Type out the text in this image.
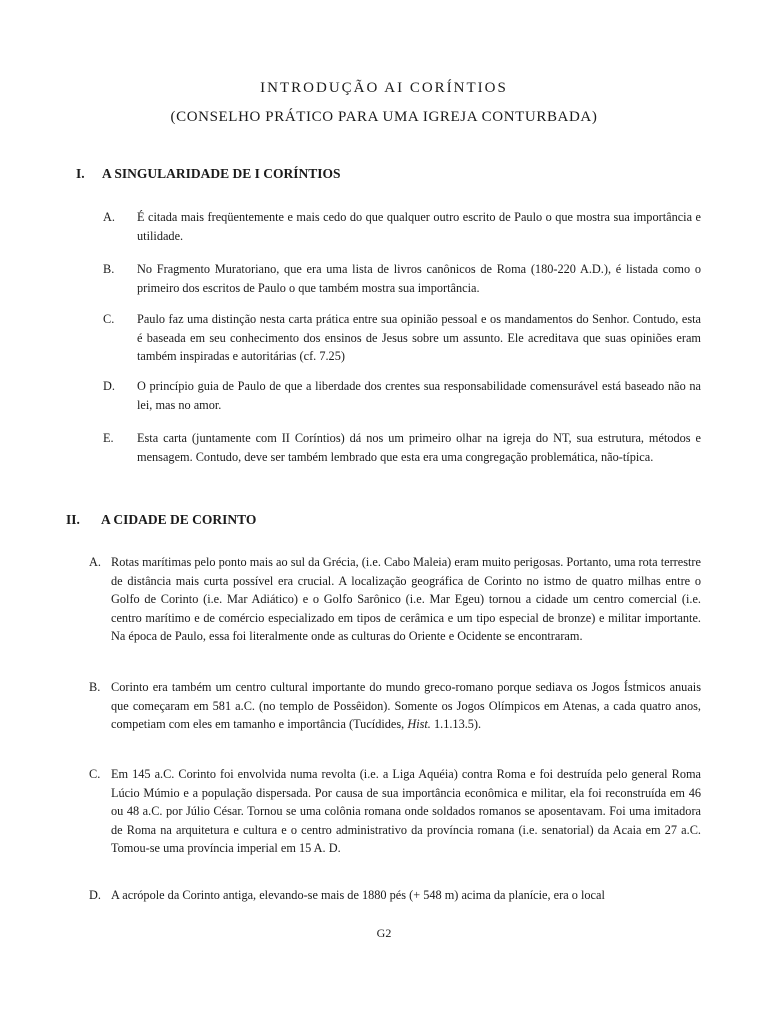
INTRODUÇÃO AI CORÍNTIOS
(CONSELHO PRÁTICO PARA UMA IGREJA CONTURBADA)
I. A SINGULARIDADE DE I CORÍNTIOS
A. É citada mais freqüentemente e mais cedo do que qualquer outro escrito de Paulo o que mostra sua importância e utilidade.
B. No Fragmento Muratoriano, que era uma lista de livros canônicos de Roma (180-220 A.D.), é listada como o primeiro dos escritos de Paulo o que também mostra sua importância.
C. Paulo faz uma distinção nesta carta prática entre sua opinião pessoal e os mandamentos do Senhor. Contudo, esta é baseada em seu conhecimento dos ensinos de Jesus sobre um assunto. Ele acreditava que suas opiniões eram também inspiradas e autoritárias (cf. 7.25)
D. O princípio guia de Paulo de que a liberdade dos crentes sua responsabilidade comensurável está baseado não na lei, mas no amor.
E. Esta carta (juntamente com II Coríntios) dá nos um primeiro olhar na igreja do NT, sua estrutura, métodos e mensagem. Contudo, deve ser também lembrado que esta era uma congregação problemática, não-típica.
II. A CIDADE DE CORINTO
A. Rotas marítimas pelo ponto mais ao sul da Grécia, (i.e. Cabo Maleia) eram muito perigosas. Portanto, uma rota terrestre de distância mais curta possível era crucial. A localização geográfica de Corinto no istmo de quatro milhas entre o Golfo de Corinto (i.e. Mar Adiático) e o Golfo Sarônico (i.e. Mar Egeu) tornou a cidade um centro comercial (i.e. centro marítimo e de comércio especializado em tipos de cerâmica e um tipo especial de bronze) e militar importante. Na época de Paulo, essa foi literalmente onde as culturas do Oriente e Ocidente se encontraram.
B. Corinto era também um centro cultural importante do mundo greco-romano porque sediava os Jogos Ístmicos anuais que começaram em 581 a.C. (no templo de Possêidon). Somente os Jogos Olímpicos em Atenas, a cada quatro anos, competiam com eles em tamanho e importância (Tucídides, Hist. 1.1.13.5).
C. Em 145 a.C. Corinto foi envolvida numa revolta (i.e. a Liga Aquéia) contra Roma e foi destruída pelo general Roma Lúcio Múmio e a população dispersada. Por causa de sua importância econômica e militar, ela foi reconstruída em 46 ou 48 a.C. por Júlio César. Tornou se uma colônia romana onde soldados romanos se aposentavam. Foi uma imitadora de Roma na arquitetura e cultura e o centro administrativo da província romana (i.e. senatorial) da Acaia em 27 a.C. Tomou-se uma província imperial em 15 A. D.
D. A acrópole da Corinto antiga, elevando-se mais de 1880 pés (+ 548 m) acima da planície, era o local
G2
